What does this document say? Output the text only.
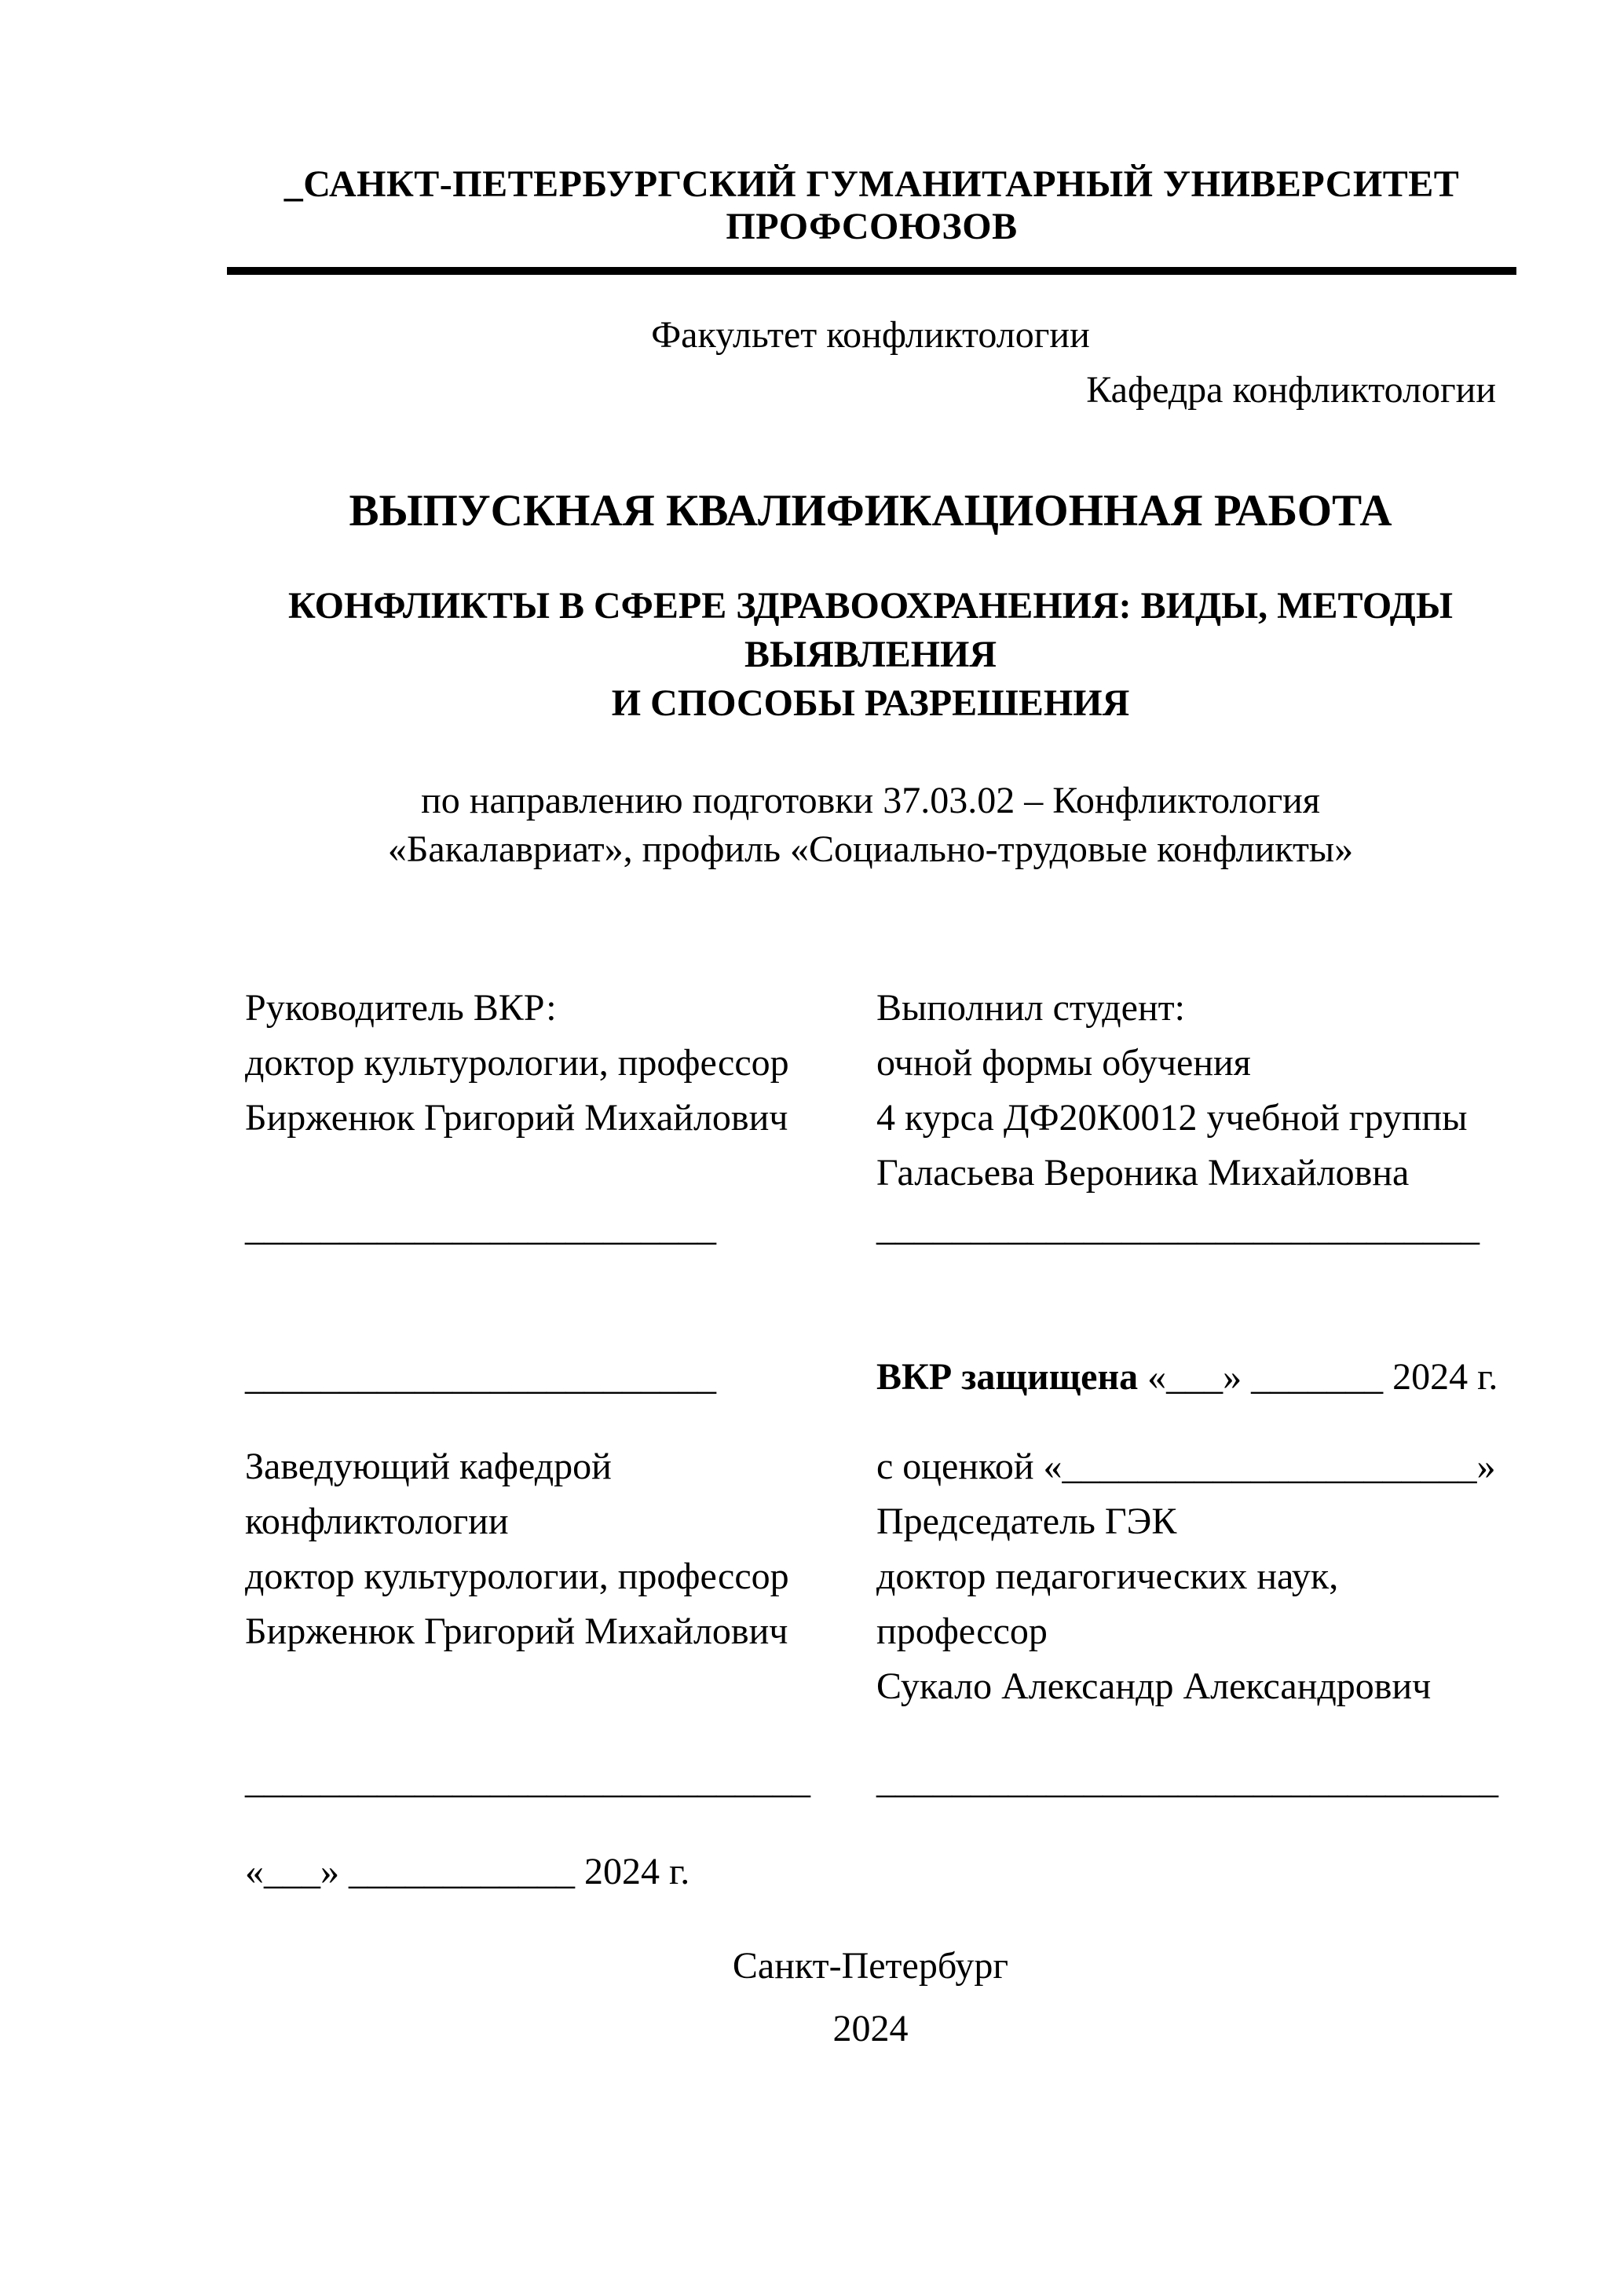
_САНКТ-ПЕТЕРБУРГСКИЙ ГУМАНИТАРНЫЙ УНИВЕРСИТЕТ ПРОФСОЮЗОВ
Факультет конфликтологии
Кафедра конфликтологии
ВЫПУСКНАЯ КВАЛИФИКАЦИОННАЯ РАБОТА
КОНФЛИКТЫ В СФЕРЕ ЗДРАВООХРАНЕНИЯ: ВИДЫ, МЕТОДЫ ВЫЯВЛЕНИЯ
И СПОСОБЫ РАЗРЕШЕНИЯ
по направлению подготовки 37.03.02 – Конфликтология
«Бакалавриат», профиль «Социально-трудовые конфликты»
Руководитель ВКР:
доктор культурологии, профессор
Бирженюк Григорий Михайлович
_________________________
Выполнил студент:
очной формы обучения
4 курса ДФ20К0012 учебной группы
Галасьева Вероника Михайловна
________________________________
_________________________	ВКР защищена «___» _______ 2024 г.
Заведующий кафедрой
конфликтологии
доктор культурологии, профессор
Бирженюк Григорий Михайлович
с оценкой «______________________»
Председатель ГЭК
доктор педагогических наук,
профессор
Сукало Александр Александрович
______________________________	_________________________________
«___» ____________ 2024 г.
Санкт-Петербург
2024
